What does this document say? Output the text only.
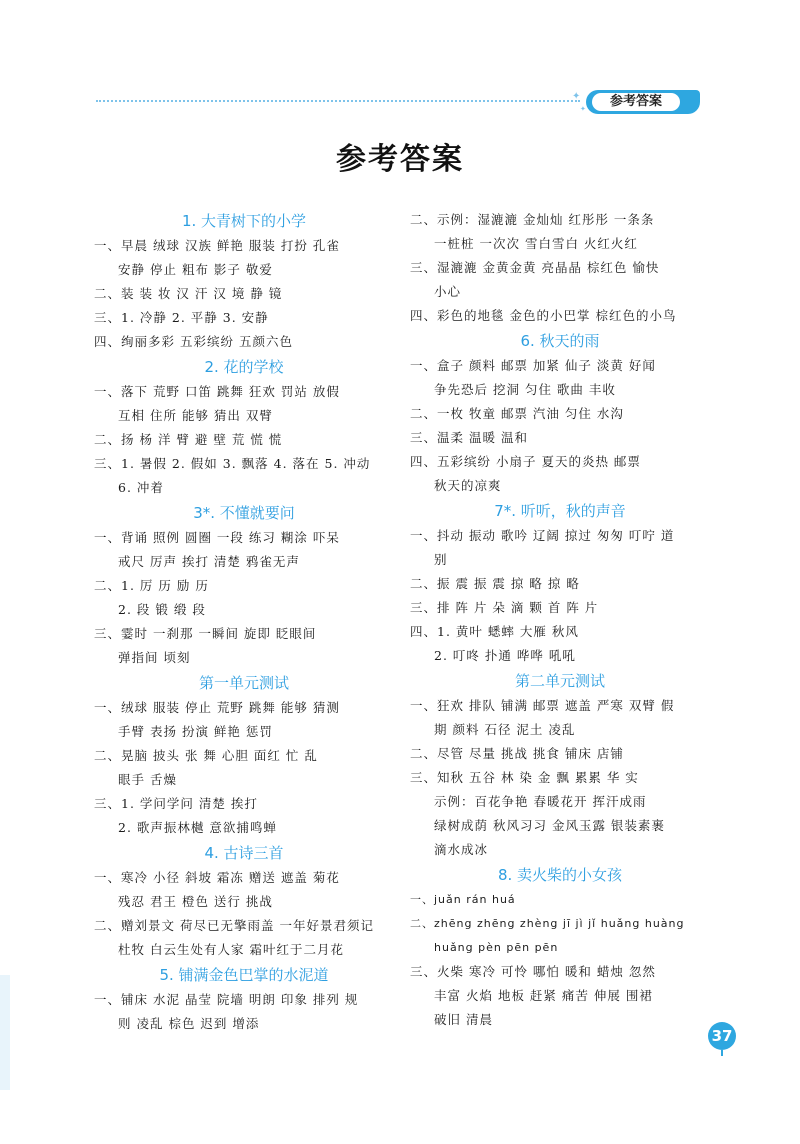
✦
✦	参考答案
参考答案
1. 大青树下的小学
一、早晨 绒球 汉族 鲜艳 服装 打扮 孔雀
安静 停止 粗布 影子 敬爱
二、装 装 妆 汉 汗 汉 境 静 镜
三、1. 冷静 2. 平静 3. 安静
四、绚丽多彩 五彩缤纷 五颜六色
2. 花的学校
一、落下 荒野 口笛 跳舞 狂欢 罚站 放假
互相 住所 能够 猜出 双臂
二、扬 杨 洋 臂 避 壁 荒 慌 慌
三、1. 暑假 2. 假如 3. 飘落 4. 落在 5. 冲动
6. 冲着
3*. 不懂就要问
一、背诵 照例 圆圈 一段 练习 糊涂 吓呆
戒尺 厉声 挨打 清楚 鸦雀无声
二、1. 厉 历 励 历
2. 段 锻 缎 段
三、霎时 一刹那 一瞬间 旋即 眨眼间
弹指间 顷刻
第一单元测试
一、绒球 服装 停止 荒野 跳舞 能够 猜测
手臂 表扬 扮演 鲜艳 惩罚
二、晃脑 披头 张 舞 心胆 面红 忙 乱
眼手 舌燥
三、1. 学问学问 清楚 挨打
2. 歌声振林樾 意欲捕鸣蝉
4. 古诗三首
一、寒冷 小径 斜坡 霜冻 赠送 遮盖 菊花
残忍 君王 橙色 送行 挑战
二、赠刘景文 荷尽已无擎雨盖 一年好景君须记
杜牧 白云生处有人家 霜叶红于二月花
5. 铺满金色巴掌的水泥道
一、铺床 水泥 晶莹 院墙 明朗 印象 排列 规
则 凌乱 棕色 迟到 增添
二、示例：湿漉漉 金灿灿 红彤彤 一条条
一桩桩 一次次 雪白雪白 火红火红
三、湿漉漉 金黄金黄 亮晶晶 棕红色 愉快
小心
四、彩色的地毯 金色的小巴掌 棕红色的小鸟
6. 秋天的雨
一、盒子 颜料 邮票 加紧 仙子 淡黄 好闻
争先恐后 挖洞 匀住 歌曲 丰收
二、一枚 牧童 邮票 汽油 匀住 水沟
三、温柔 温暖 温和
四、五彩缤纷 小扇子 夏天的炎热 邮票
秋天的凉爽
7*. 听听，秋的声音
一、抖动 振动 歌吟 辽阔 掠过 匆匆 叮咛 道
别
二、振 震 振 震 掠 略 掠 略
三、排 阵 片 朵 滴 颗 首 阵 片
四、1. 黄叶 蟋蟀 大雁 秋风
2. 叮咚 扑通 哗哗 吼吼
第二单元测试
一、狂欢 排队 铺满 邮票 遮盖 严寒 双臂 假
期 颜料 石径 泥土 凌乱
二、尽管 尽量 挑战 挑食 铺床 店铺
三、知秋 五谷 林 染 金 飘 累累 华 实
示例：百花争艳 春暖花开 挥汗成雨
绿树成荫 秋风习习 金风玉露 银装素裹
滴水成冰
8. 卖火柴的小女孩
一、juǎn rán huá
二、zhēng zhēng zhèng jī jì jǐ huǎng huàng
huǎng pèn pēn pēn
三、火柴 寒冷 可怜 哪怕 暖和 蜡烛 忽然
丰富 火焰 地板 赶紧 痛苦 伸展 围裙
破旧 清晨
37
